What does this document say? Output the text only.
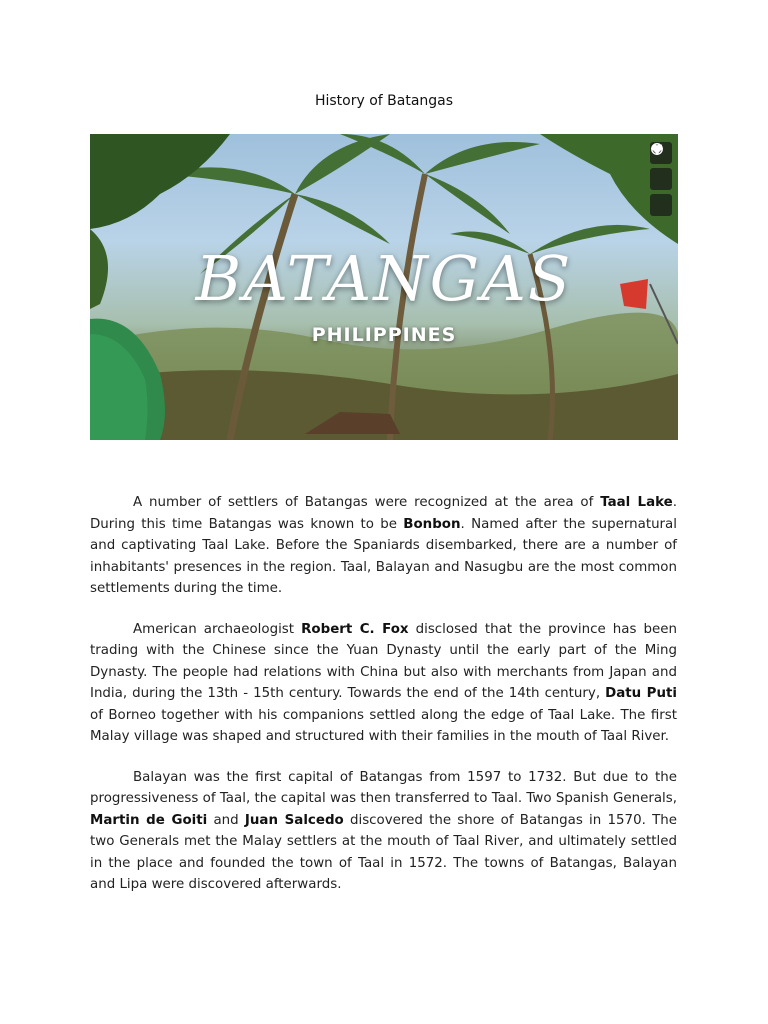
History of Batangas
BATANGAS
PHILIPPINES

A number of settlers of Batangas were recognized at the area of Taal Lake. During this time Batangas was known to be Bonbon. Named after the supernatural and captivating Taal Lake. Before the Spaniards disembarked, there are a number of inhabitants' presences in the region. Taal, Balayan and Nasugbu are the most common settlements during the time.

American archaeologist Robert C. Fox disclosed that the province has been trading with the Chinese since the Yuan Dynasty until the early part of the Ming Dynasty. The people had relations with China but also with merchants from Japan and India, during the 13th - 15th century. Towards the end of the 14th century, Datu Puti of Borneo together with his companions settled along the edge of Taal Lake. The first Malay village was shaped and structured with their families in the mouth of Taal River.

Balayan was the first capital of Batangas from 1597 to 1732. But due to the progressiveness of Taal, the capital was then transferred to Taal. Two Spanish Generals, Martin de Goiti and Juan Salcedo discovered the shore of Batangas in 1570. The two Generals met the Malay settlers at the mouth of Taal River, and ultimately settled in the place and founded the town of Taal in 1572. The towns of Batangas, Balayan and Lipa were discovered afterwards.
